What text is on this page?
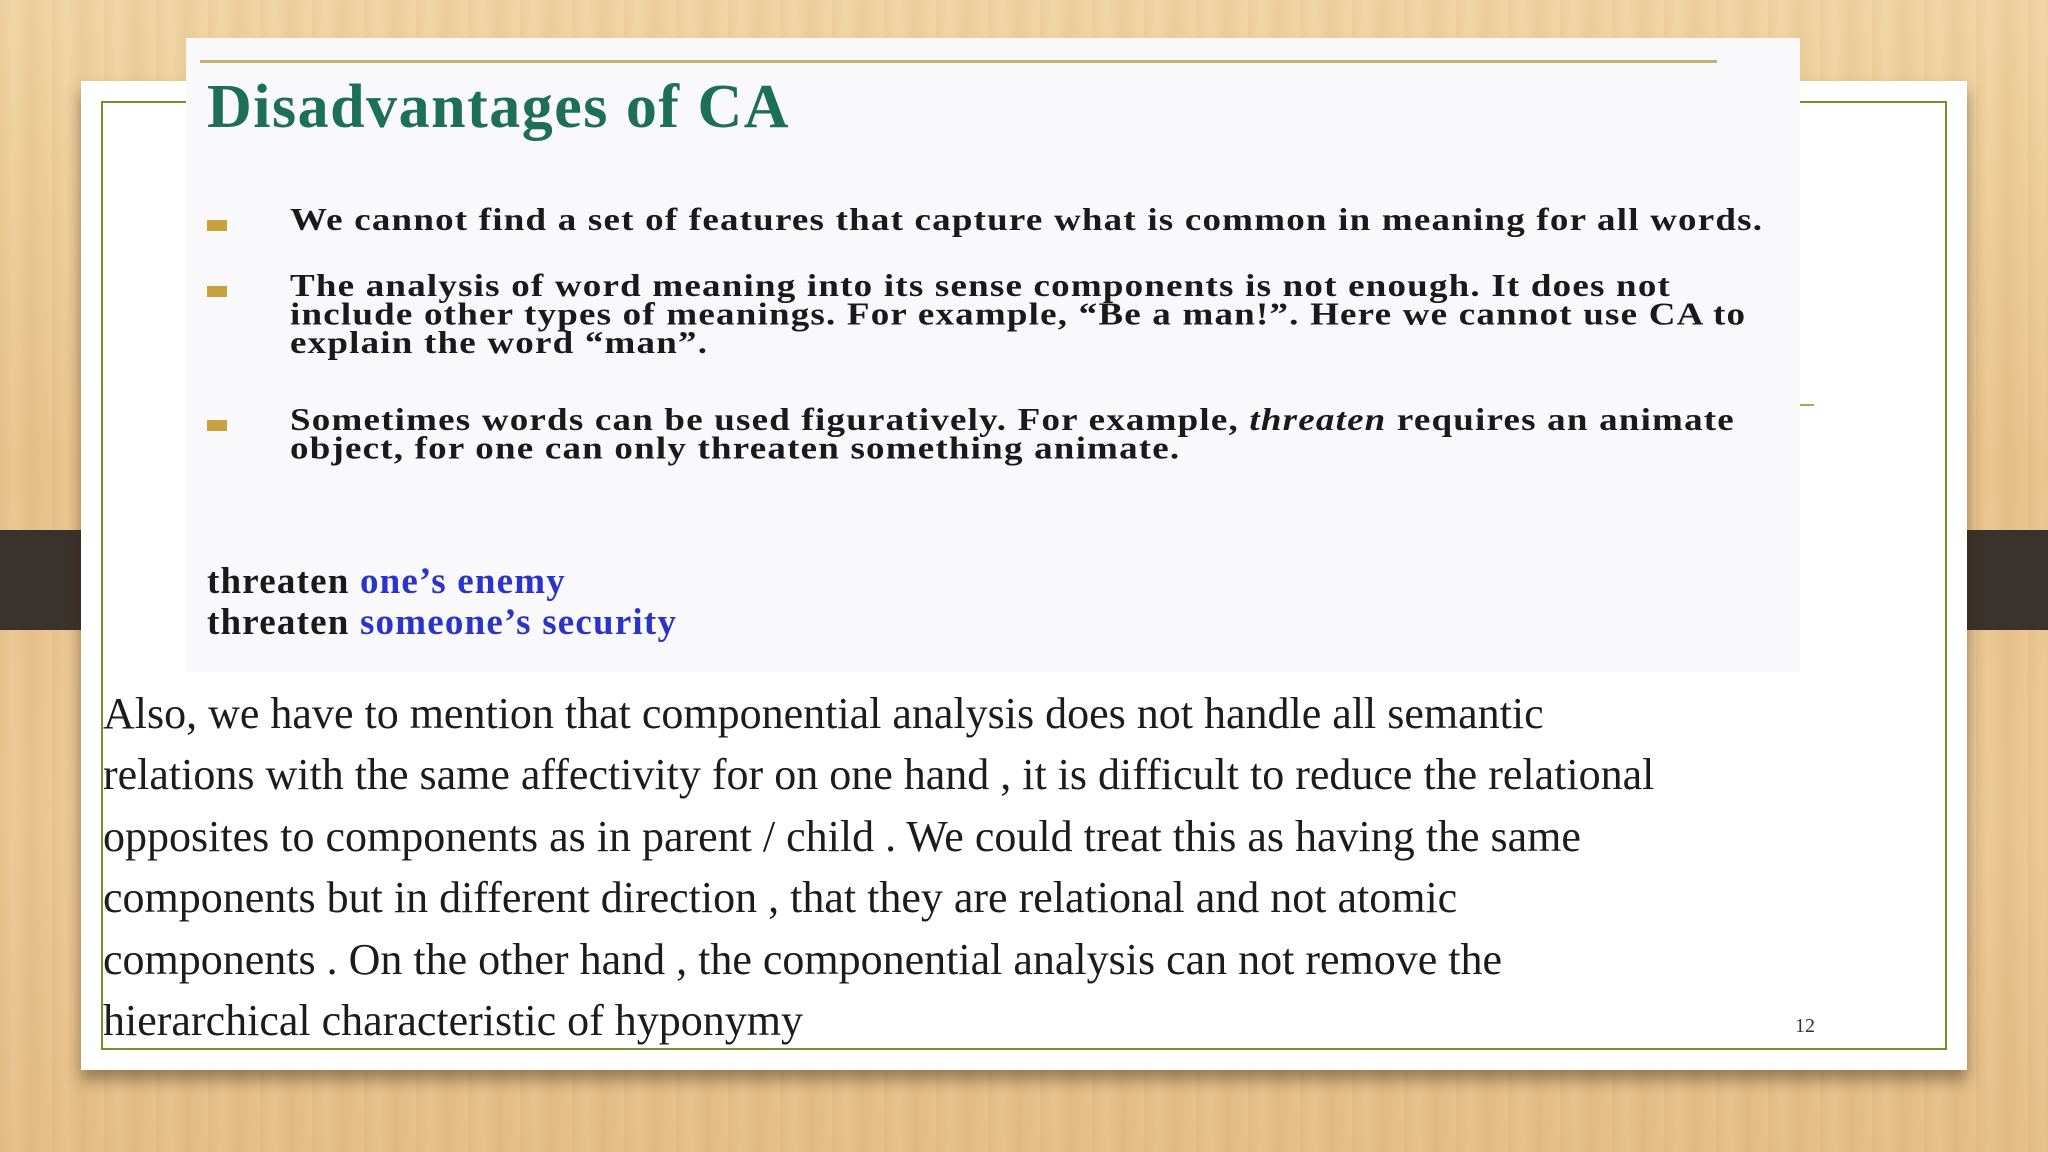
Disadvantages of CA
We cannot find a set of features that capture what is common in meaning for all words.
The analysis of word meaning into its sense components is not enough. It does not include other types of meanings. For example, “Be a man!”. Here we cannot use CA to explain the word “man”.
Sometimes words can be used figuratively. For example, threaten requires an animate object, for one can only threaten something animate.
threaten one’s enemy
threaten someone’s security
Also, we have to mention that componential analysis does not handle all semantic
relations with the same affectivity for on one hand , it is difficult to reduce the relational
opposites to components as in parent / child . We could treat this as having the same
components but in different direction , that they are relational and not atomic
components . On the other hand , the componential analysis can not remove the
hierarchical characteristic of hyponymy	12
